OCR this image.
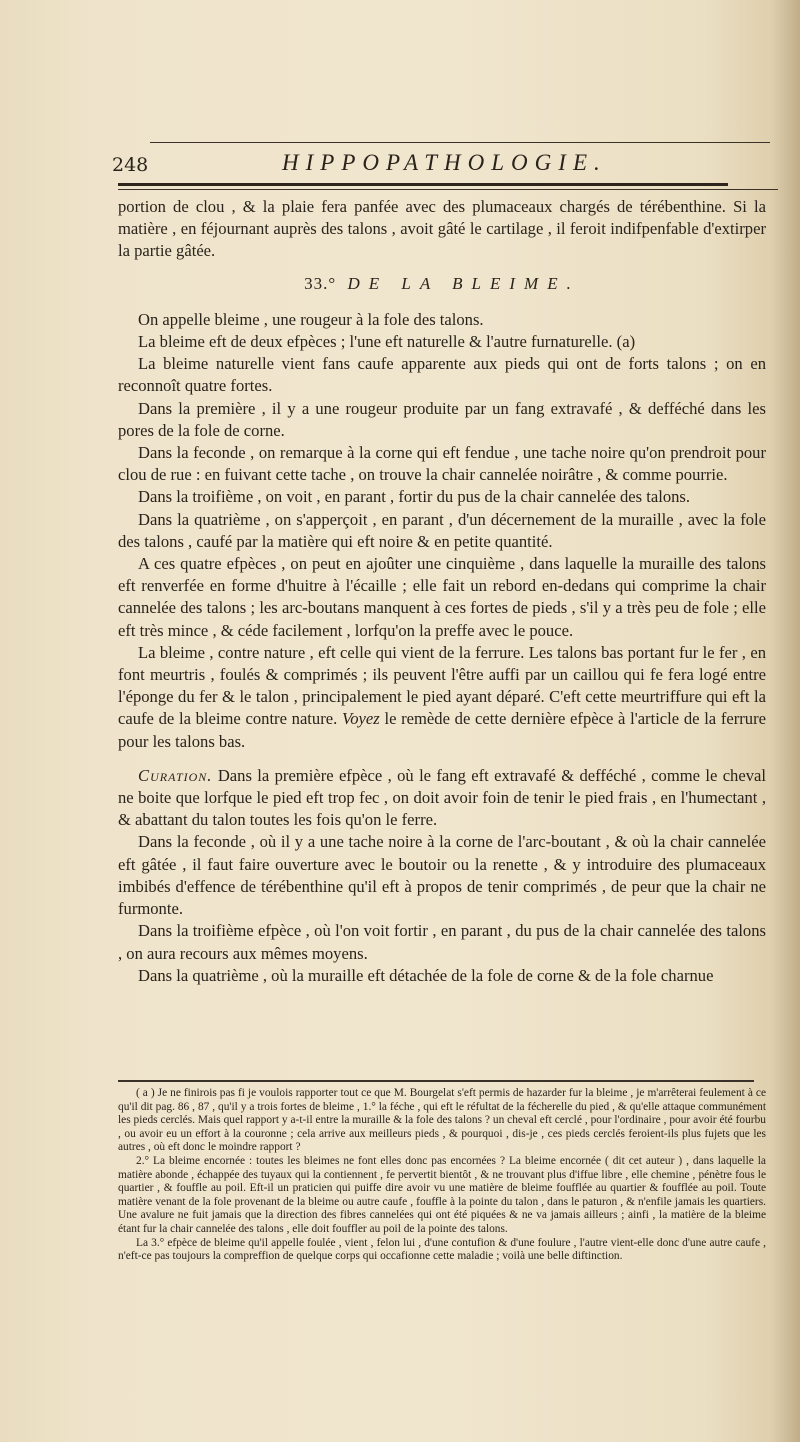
248	HIPPOPATHOLOGIE.

portion de clou , & la plaie fera panfée avec des plumaceaux chargés de térébenthine. Si la matière , en féjournant auprès des talons , avoit gâté le cartilage , il feroit indifpenfable d'extirper la partie gâtée.

33.° DE LA BLEIME.

On appelle bleime , une rougeur à la fole des talons.

La bleime eft de deux efpèces ; l'une eft naturelle & l'autre furnaturelle. (a)

La bleime naturelle vient fans caufe apparente aux pieds qui ont de forts talons ; on en reconnoît quatre fortes.

Dans la première , il y a une rougeur produite par un fang extravafé , & defféché dans les pores de la fole de corne.

Dans la feconde , on remarque à la corne qui eft fendue , une tache noire qu'on prendroit pour clou de rue : en fuivant cette tache , on trouve la chair cannelée noirâtre , & comme pourrie.

Dans la troifième , on voit , en parant , fortir du pus de la chair cannelée des talons.

Dans la quatrième , on s'apperçoit , en parant , d'un décernement de la muraille , avec la fole des talons , caufé par la matière qui eft noire & en petite quantité.

A ces quatre efpèces , on peut en ajoûter une cinquième , dans laquelle la muraille des talons eft renverfée en forme d'huitre à l'écaille ; elle fait un rebord en-dedans qui comprime la chair cannelée des talons ; les arc-boutans manquent à ces fortes de pieds , s'il y a très peu de fole ; elle eft très mince , & céde facilement , lorfqu'on la preffe avec le pouce.

La bleime , contre nature , eft celle qui vient de la ferrure. Les talons bas portant fur le fer , en font meurtris , foulés & comprimés ; ils peuvent l'être auffi par un caillou qui fe fera logé entre l'éponge du fer & le talon , principalement le pied ayant déparé. C'eft cette meurtriffure qui eft la caufe de la bleime contre nature. Voyez le remède de cette dernière efpèce à l'article de la ferrure pour les talons bas.

Curation. Dans la première efpèce , où le fang eft extravafé & defféché , comme le cheval ne boite que lorfque le pied eft trop fec , on doit avoir foin de tenir le pied frais , en l'humectant , & abattant du talon toutes les fois qu'on le ferre.

Dans la feconde , où il y a une tache noire à la corne de l'arc-boutant , & où la chair cannelée eft gâtée , il faut faire ouverture avec le boutoir ou la renette , & y introduire des plumaceaux imbibés d'effence de térébenthine qu'il eft à propos de tenir comprimés , de peur que la chair ne furmonte.

Dans la troifième efpèce , où l'on voit fortir , en parant , du pus de la chair cannelée des talons , on aura recours aux mêmes moyens.

Dans la quatrième , où la muraille eft détachée de la fole de corne & de la fole charnue

( a ) Je ne finirois pas fi je voulois rapporter tout ce que M. Bourgelat s'eft permis de hazarder fur la bleime , je m'arrêterai feulement à ce qu'il dit pag. 86 , 87 , qu'il y a trois fortes de bleime , 1.° la féche , qui eft le réfultat de la fécherelle du pied , & qu'elle attaque communément les pieds cerclés. Mais quel rapport y a-t-il entre la muraille & la fole des talons ? un cheval eft cerclé , pour l'ordinaire , pour avoir été fourbu , ou avoir eu un effort à la couronne ; cela arrive aux meilleurs pieds , & pourquoi , dis-je , ces pieds cerclés feroient-ils plus fujets que les autres , où eft donc le moindre rapport ?

2.° La bleime encornée : toutes les bleimes ne font elles donc pas encornées ? La bleime encornée ( dit cet auteur ) , dans laquelle la matière abonde , échappée des tuyaux qui la contiennent , fe pervertit bientôt , & ne trouvant plus d'iffue libre , elle chemine , pénètre fous le quartier , & fouffle au poil. Eft-il un praticien qui puiffe dire avoir vu une matière de bleime foufflée au quartier & foufflée au poil. Toute matière venant de la fole provenant de la bleime ou autre caufe , fouffle à la pointe du talon , dans le paturon , & n'enfile jamais les quartiers. Une avalure ne fuit jamais que la direction des fibres cannelées qui ont été piquées & ne va jamais ailleurs ; ainfi , la matière de la bleime étant fur la chair cannelée des talons , elle doit fouffler au poil de la pointe des talons.

La 3.° efpèce de bleime qu'il appelle foulée , vient , felon lui , d'une contufion & d'une foulure , l'autre vient-elle donc d'une autre caufe , n'eft-ce pas toujours la compreffion de quelque corps qui occafionne cette maladie ; voilà une belle diftinction.
